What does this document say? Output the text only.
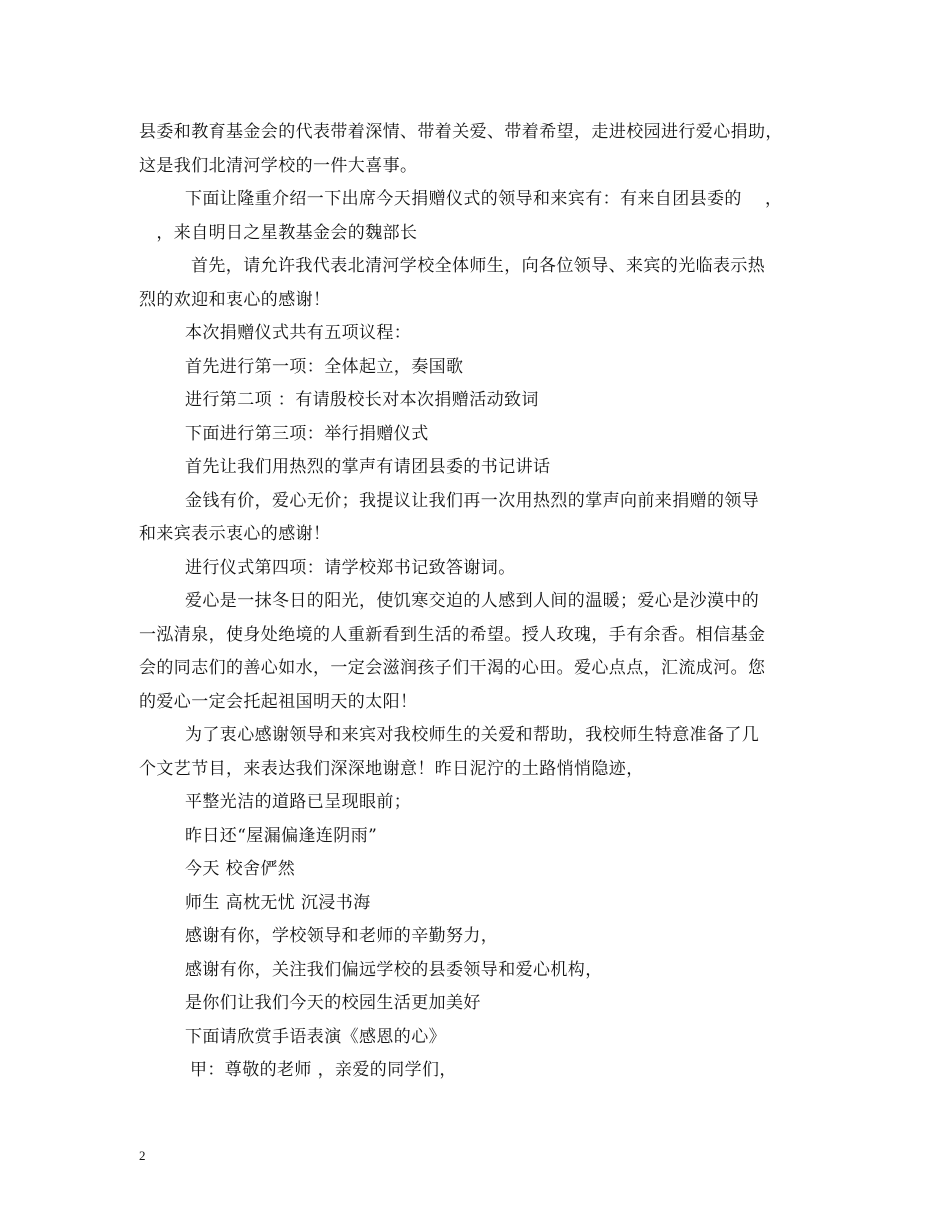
县委和教育基金会的代表带着深情、带着关爱、带着希望，走进校园进行爱心捐助，
这是我们北清河学校的一件大喜事。
下面让隆重介绍一下出席今天捐赠仪式的领导和来宾有：有来自团县委的　 ，
　，来自明日之星教基金会的魏部长
首先，请允许我代表北清河学校全体师生，向各位领导、来宾的光临表示热
烈的欢迎和衷心的感谢！
本次捐赠仪式共有五项议程：
首先进行第一项：全体起立，奏国歌
进行第二项 ：有请殷校长对本次捐赠活动致词
下面进行第三项：举行捐赠仪式
首先让我们用热烈的掌声有请团县委的书记讲话
金钱有价，爱心无价；我提议让我们再一次用热烈的掌声向前来捐赠的领导
和来宾表示衷心的感谢！
进行仪式第四项：请学校郑书记致答谢词。
爱心是一抹冬日的阳光，使饥寒交迫的人感到人间的温暖；爱心是沙漠中的
一泓清泉，使身处绝境的人重新看到生活的希望。授人玫瑰，手有余香。相信基金
会的同志们的善心如水，一定会滋润孩子们干渴的心田。爱心点点，汇流成河。您
的爱心一定会托起祖国明天的太阳！
为了衷心感谢领导和来宾对我校师生的关爱和帮助，我校师生特意准备了几
个文艺节目，来表达我们深深地谢意！昨日泥泞的土路悄悄隐迹，
平整光洁的道路已呈现眼前；
昨日还“屋漏偏逢连阴雨”
今天 校舍俨然
师生 高枕无忧 沉浸书海
感谢有你，学校领导和老师的辛勤努力，
感谢有你，关注我们偏远学校的县委领导和爱心机构，
是你们让我们今天的校园生活更加美好
下面请欣赏手语表演《感恩的心》
甲：尊敬的老师 ，亲爱的同学们，
2
